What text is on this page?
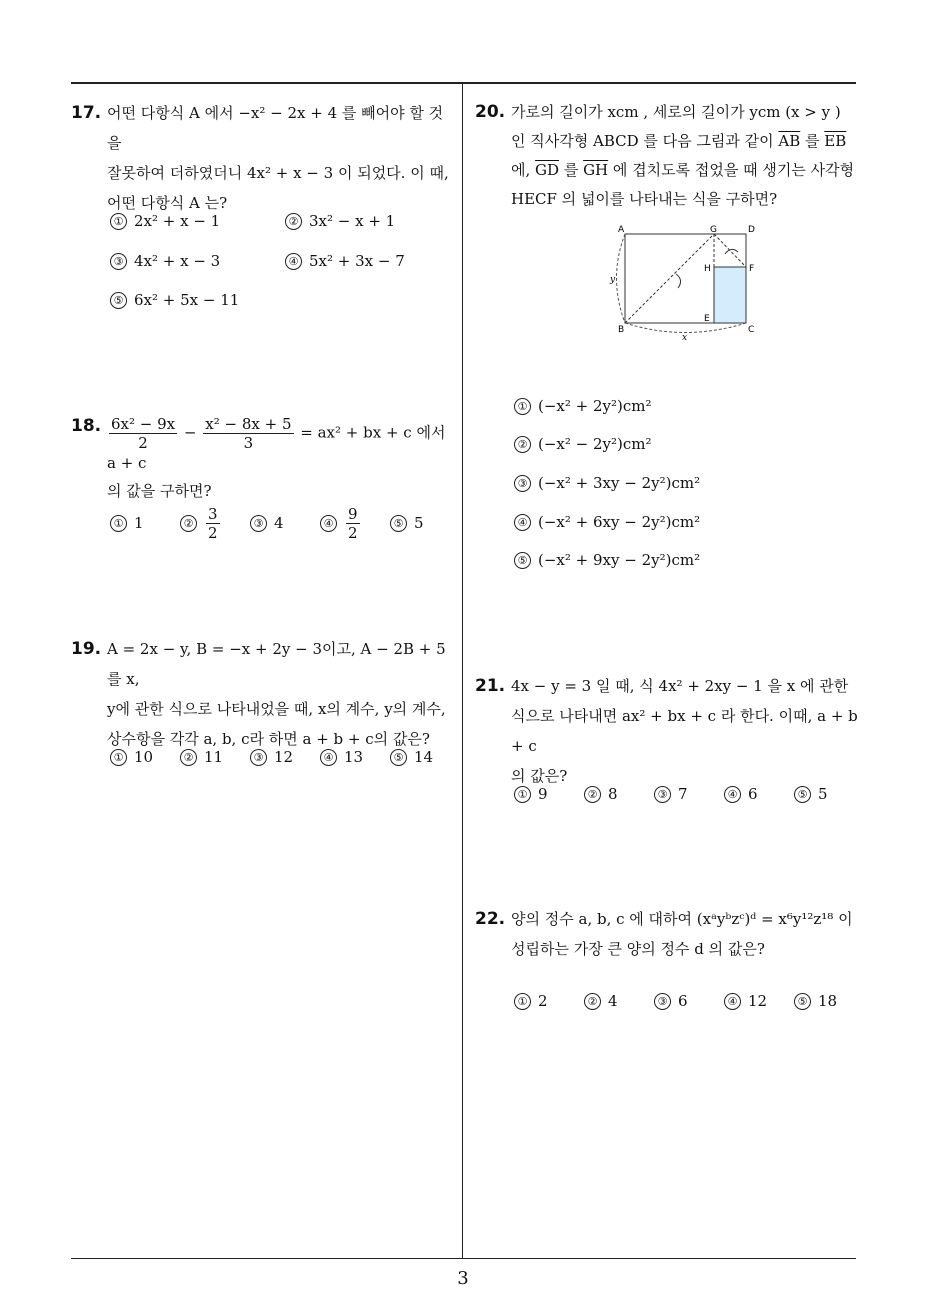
3
17. 어떤 다항식 A 에서 −x² − 2x + 4 를 빼어야 할 것을
잘못하여 더하였더니 4x² + x − 3 이 되었다. 이 때,
어떤 다항식 A 는?
① 2x² + x − 1	② 3x² − x + 1
③ 4x² + x − 3	④ 5x² + 3x − 7
⑤ 6x² + 5x − 11
18. $\frac{\text{6x² − 9x}}{2} - \frac{\text{x² − 8x + 5}}{3} = ax^2$ + bx + c 에서 a + c
의 값을 구하면?
① 1	② $\frac{3}{2}$	③ 4	④ $\frac{9}{2}$	⑤ 5
19. A = 2x − y, B = −x + 2y − 3이고, A − 2B + 5를 x,
y에 관한 식으로 나타내었을 때, x의 계수, y의 계수,
상수항을 각각 a, b, c라 하면 a + b + c의 값은?
① 10	② 11	③ 12	④ 13	⑤ 14
20. 가로의 길이가 xcm , 세로의 길이가 ycm (x > y )
인 직사각형 ABCD 를 다음 그림과 같이 $\overline{AB}$ 를 $\overline{EB}$
에, $\overline{GD}$ 를 $\overline{GH}$ 에 겹치도록 접었을 때 생기는 사각형
HECF 의 넓이를 나타내는 식을 구하면?
A	G	D
H	F
E
B	C
x
y
① (−x² + 2y²)cm²
② (−x² − 2y²)cm²
③ (−x² + 3xy − 2y²)cm²
④ (−x² + 6xy − 2y²)cm²
⑤ (−x² + 9xy − 2y²)cm²
21. 4x − y = 3 일 때, 식 4x² + 2xy − 1 을 x 에 관한
식으로 나타내면 ax² + bx + c 라 한다. 이때, a + b + c
의 값은?
① 9	② 8	③ 7	④ 6	⑤ 5
22. 양의 정수 a, b, c 에 대하여 (xᵃyᵇzᶜ)ᵈ = x⁶y¹²z¹⁸ 이
성립하는 가장 큰 양의 정수 d 의 값은?
① 2	② 4	③ 6	④ 12	⑤ 18
